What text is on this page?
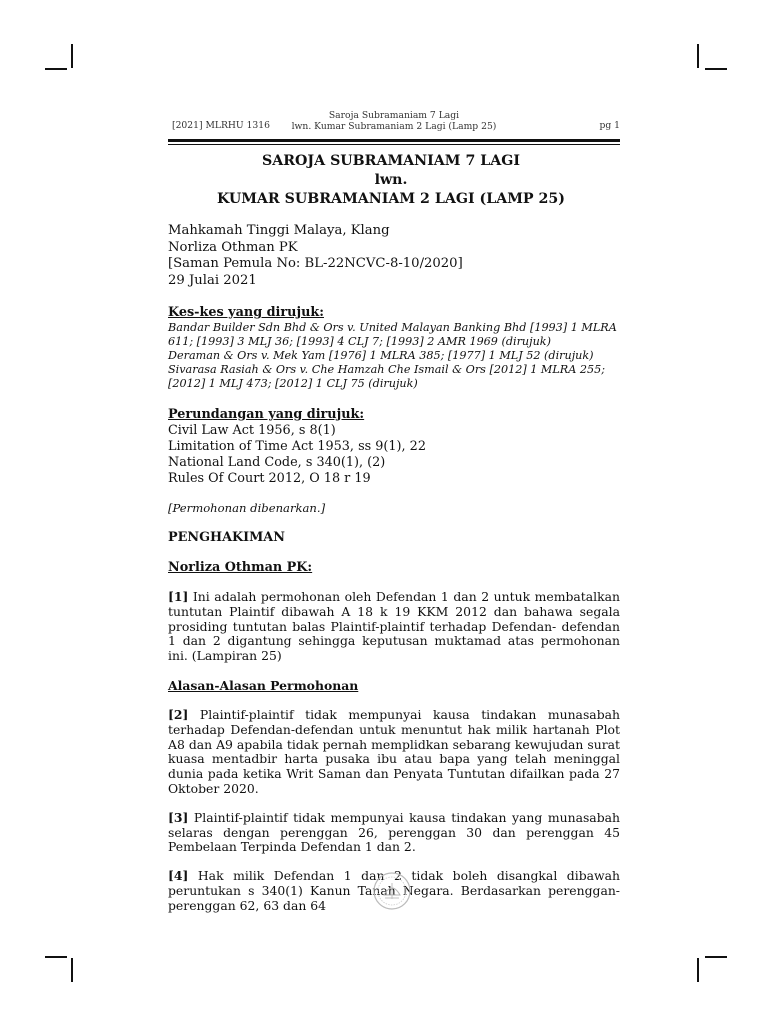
[2021] MLRHU 1316
Saroja Subramaniam 7 Lagi
lwn. Kumar Subramaniam 2 Lagi (Lamp 25)	pg 1
SAROJA SUBRAMANIAM 7 LAGI
lwn.
KUMAR SUBRAMANIAM 2 LAGI (LAMP 25)
Mahkamah Tinggi Malaya, Klang
Norliza Othman PK
[Saman Pemula No: BL-22NCVC-8-10/2020]
29 Julai 2021
Kes-kes yang dirujuk:
Bandar Builder Sdn Bhd & Ors v. United Malayan Banking Bhd [1993] 1 MLRA
611; [1993] 3 MLJ 36; [1993] 4 CLJ 7; [1993] 2 AMR 1969 (dirujuk)
Deraman & Ors v. Mek Yam [1976] 1 MLRA 385; [1977] 1 MLJ 52 (dirujuk)
Sivarasa Rasiah & Ors v. Che Hamzah Che Ismail & Ors [2012] 1 MLRA 255;
[2012] 1 MLJ 473; [2012] 1 CLJ 75 (dirujuk)
Perundangan yang dirujuk:
Civil Law Act 1956, s 8(1)
Limitation of Time Act 1953, ss 9(1), 22
National Land Code, s 340(1), (2)
Rules Of Court 2012, O 18 r 19
[Permohonan dibenarkan.]
PENGHAKIMAN
Norliza Othman PK:
[1] Ini adalah permohonan oleh Defendan 1 dan 2 untuk membatalkan tuntutan Plaintif dibawah A 18 k 19 KKM 2012 dan bahawa segala prosiding tuntutan balas Plaintif-plaintif terhadap Defendan- defendan 1 dan 2 digantung sehingga keputusan muktamad atas permohonan ini. (Lampiran 25)
Alasan-Alasan Permohonan
[2] Plaintif-plaintif tidak mempunyai kausa tindakan munasabah terhadap Defendan-defendan untuk menuntut hak milik hartanah Plot A8 dan A9 apabila tidak pernah memplidkan sebarang kewujudan surat kuasa mentadbir harta pusaka ibu atau bapa yang telah meninggal dunia pada ketika Writ Saman dan Penyata Tuntutan difailkan pada 27 Oktober 2020.
[3] Plaintif-plaintif tidak mempunyai kausa tindakan yang munasabah selaras dengan perenggan 26, perenggan 30 dan perenggan 45 Pembelaan Terpinda Defendan 1 dan 2.
[4] Hak milik Defendan 1 dan 2 tidak boleh disangkal dibawah peruntukan s 340(1) Kanun Tanah Negara. Berdasarkan perenggan-perenggan 62, 63 dan 64
